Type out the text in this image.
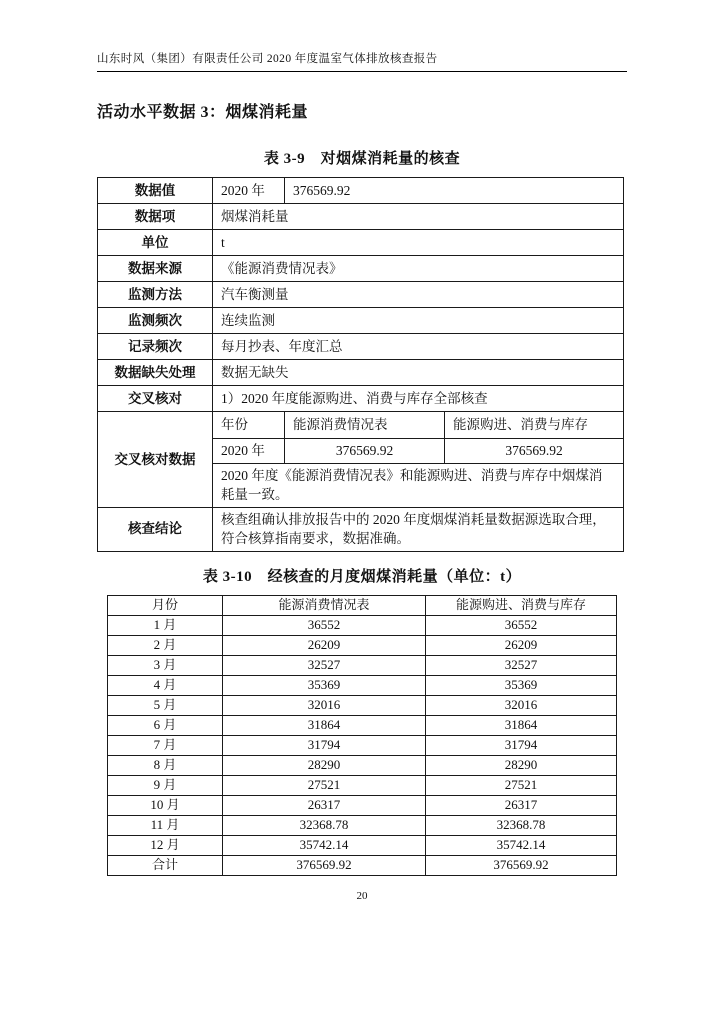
山东时风（集团）有限责任公司 2020 年度温室气体排放核查报告
活动水平数据 3：烟煤消耗量
表 3-9　对烟煤消耗量的核查
数据值	2020 年	376569.92	
数据项	烟煤消耗量		
单位	t		
数据来源	《能源消费情况表》		
监测方法	汽车衡测量		
监测频次	连续监测		
记录频次	每月抄表、年度汇总		
数据缺失处理	数据无缺失		
交叉核对	1）2020 年度能源购进、消费与库存全部核查		
交叉核对数据	年份	能源消费情况表	能源购进、消费与库存
	2020 年	376569.92	376569.92
	2020 年度《能源消费情况表》和能源购进、消费与库存中烟煤消耗量一致。		
核查结论	核查组确认排放报告中的 2020 年度烟煤消耗量数据源选取合理，符合核算指南要求，数据准确。		
表 3-10　经核查的月度烟煤消耗量（单位：t）
月份	能源消费情况表	能源购进、消费与库存
1 月	36552	36552
2 月	26209	26209
3 月	32527	32527
4 月	35369	35369
5 月	32016	32016
6 月	31864	31864
7 月	31794	31794
8 月	28290	28290
9 月	27521	27521
10 月	26317	26317
11 月	32368.78	32368.78
12 月	35742.14	35742.14
合计	376569.92	376569.92
20
